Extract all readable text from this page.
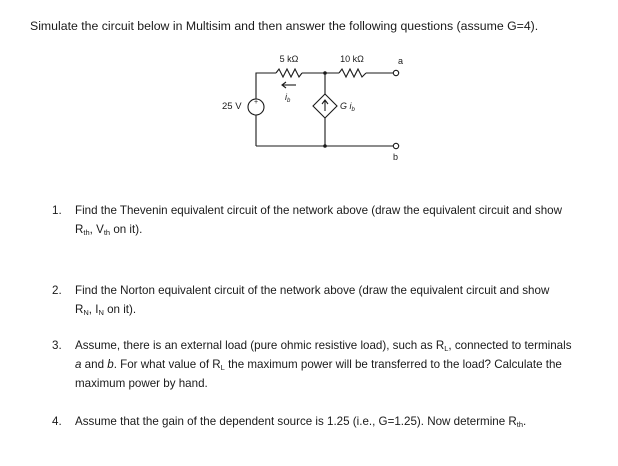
Simulate the circuit below in Multisim and then answer the following questions (assume G=4).
+
5 kΩ	10 kΩ
25 V
$i_b$	G $i_b$
a
b
1. Find the Thevenin equivalent circuit of the network above (draw the equivalent circuit and show
$R_{th}$, $V_{th}$ on it).
2. Find the Norton equivalent circuit of the network above (draw the equivalent circuit and show
$R_N$, $I_N$ on it).
3. Assume, there is an external load (pure ohmic resistive load), such as $R_L$, connected to terminals
a and b. For what value of $R_L$ the maximum power will be transferred to the load? Calculate the
maximum power by hand.
4. Assume that the gain of the dependent source is 1.25 (i.e., G=1.25). Now determine $R_{th}$.
